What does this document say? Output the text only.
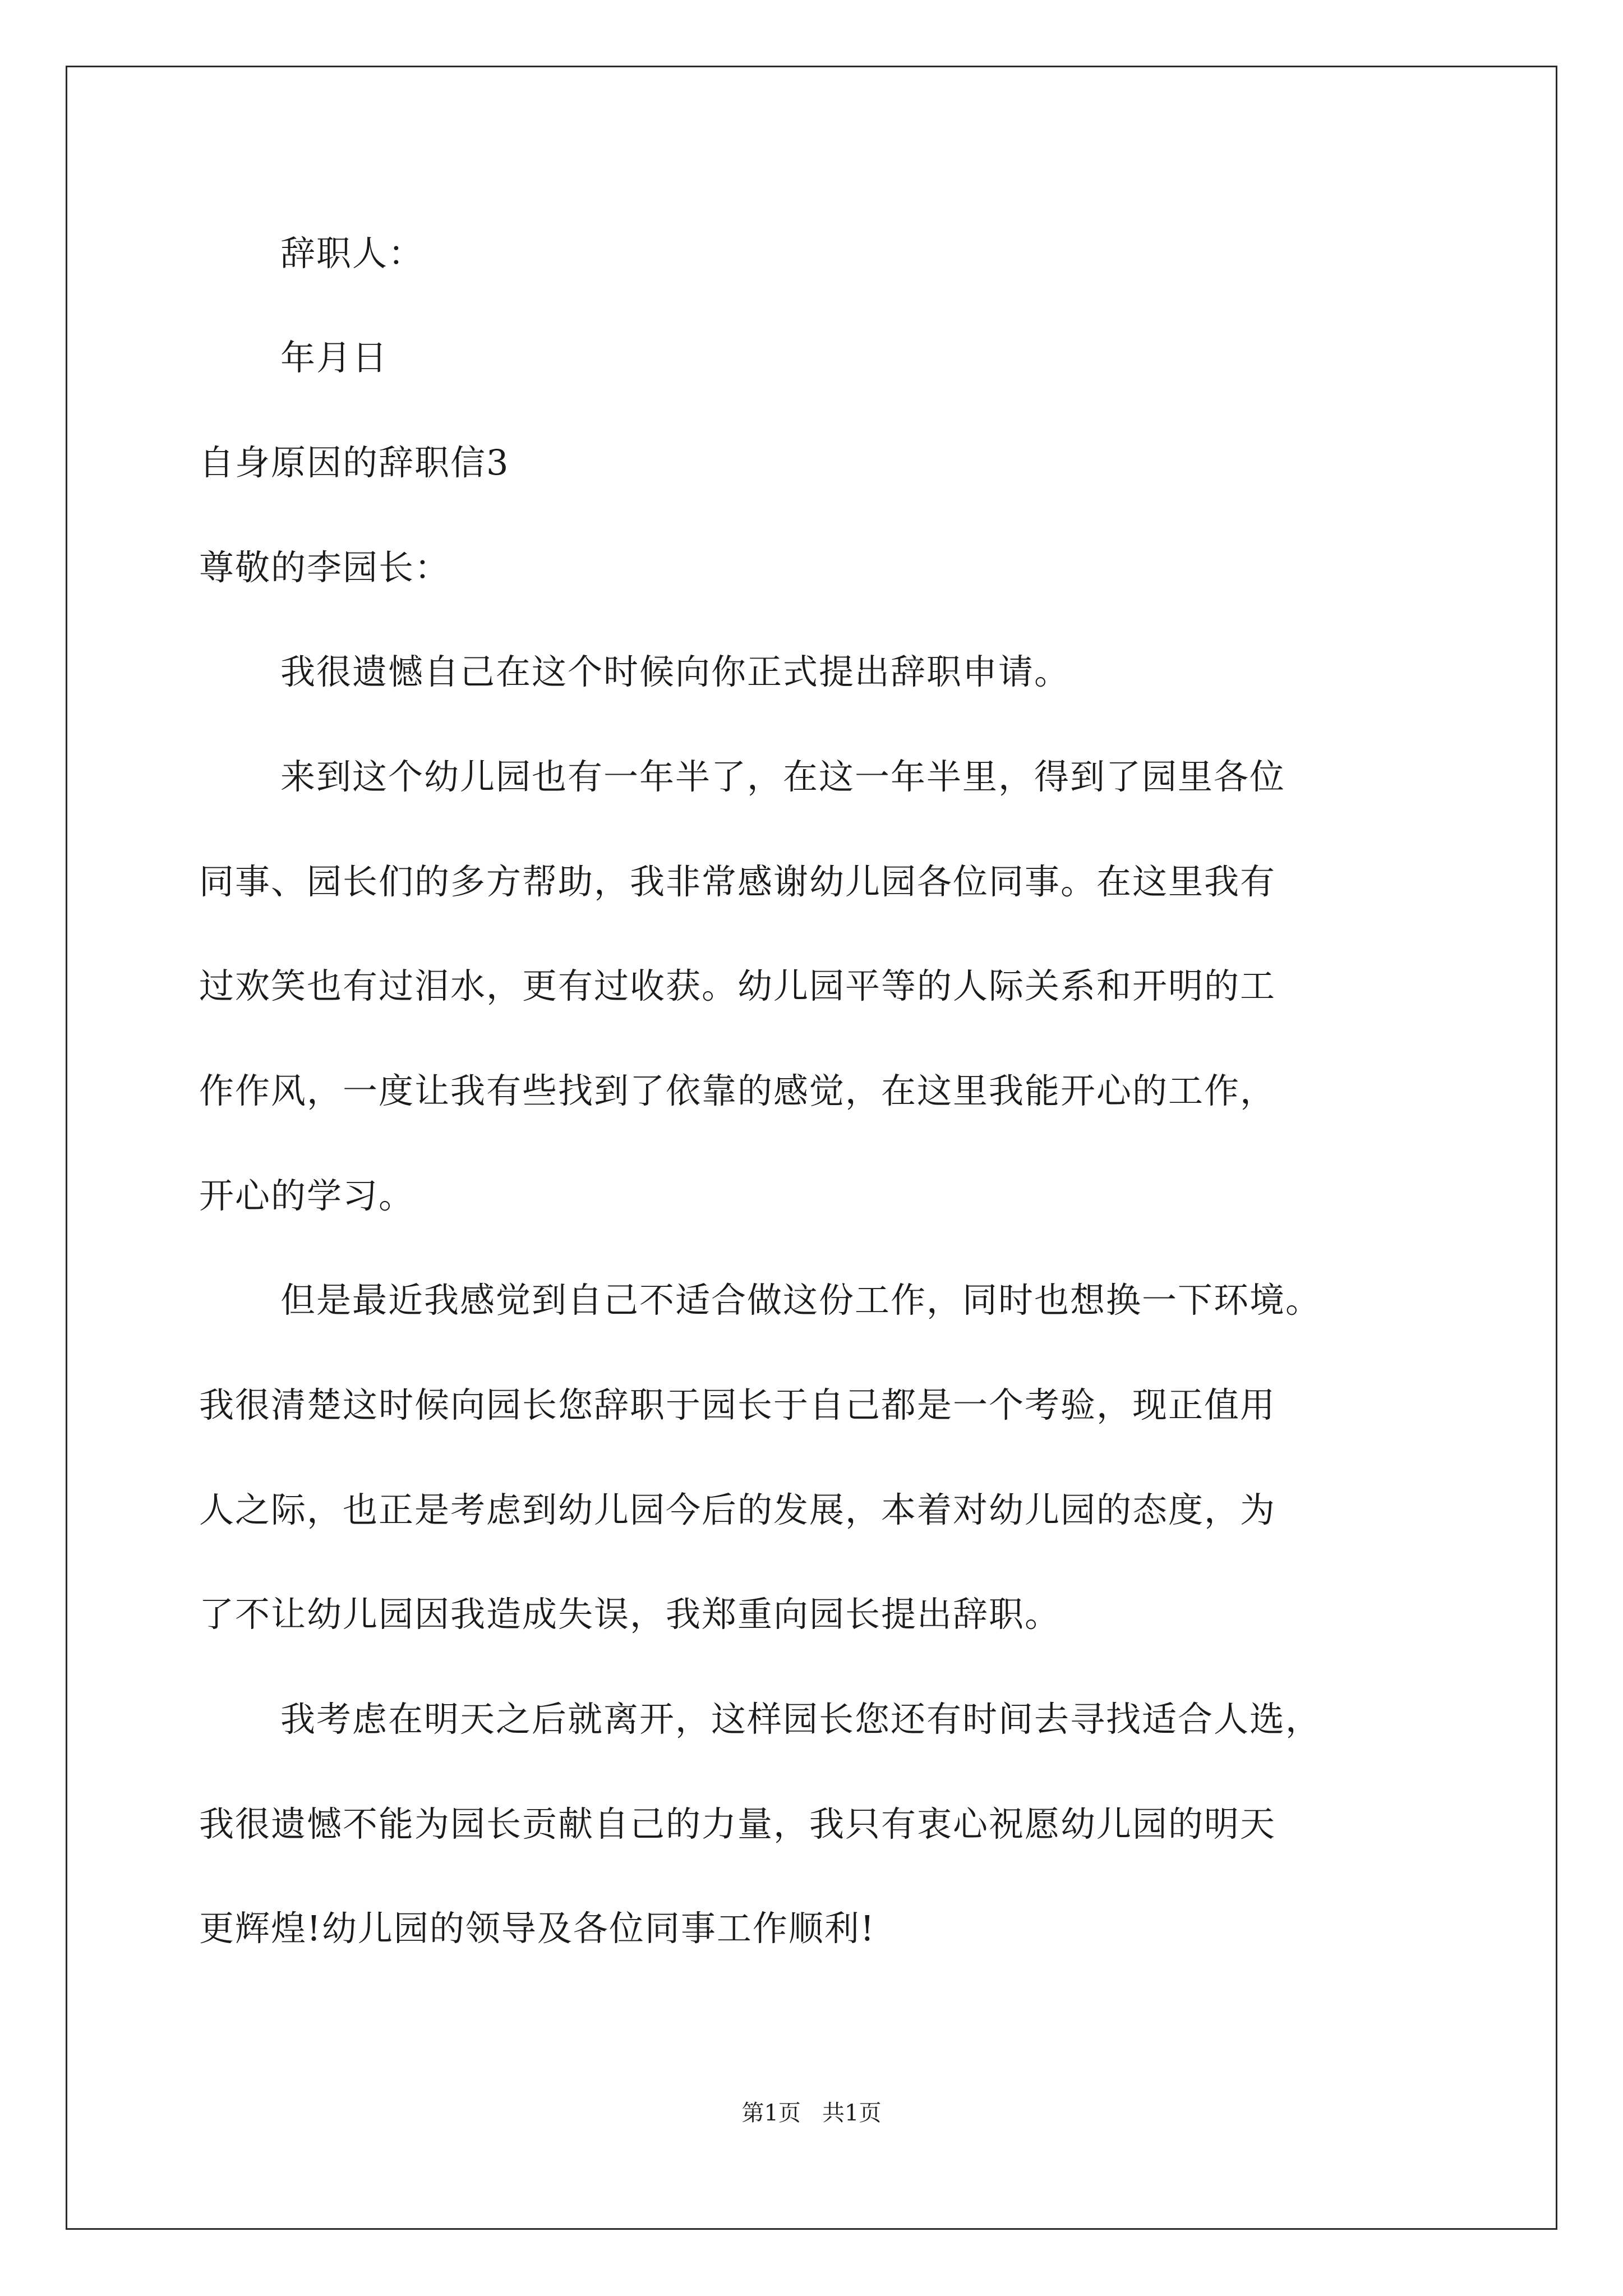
辞职人：
年月日
自身原因的辞职信3
尊敬的李园长：
我很遗憾自己在这个时候向你正式提出辞职申请。
来到这个幼儿园也有一年半了，在这一年半里，得到了园里各位
同事、园长们的多方帮助，我非常感谢幼儿园各位同事。在这里我有
过欢笑也有过泪水，更有过收获。幼儿园平等的人际关系和开明的工
作作风，一度让我有些找到了依靠的感觉，在这里我能开心的工作，
开心的学习。
但是最近我感觉到自己不适合做这份工作，同时也想换一下环境。
我很清楚这时候向园长您辞职于园长于自己都是一个考验，现正值用
人之际，也正是考虑到幼儿园今后的发展，本着对幼儿园的态度，为
了不让幼儿园因我造成失误，我郑重向园长提出辞职。
我考虑在明天之后就离开，这样园长您还有时间去寻找适合人选，
我很遗憾不能为园长贡献自己的力量，我只有衷心祝愿幼儿园的明天
更辉煌!幼儿园的领导及各位同事工作顺利!
第1页   共1页
